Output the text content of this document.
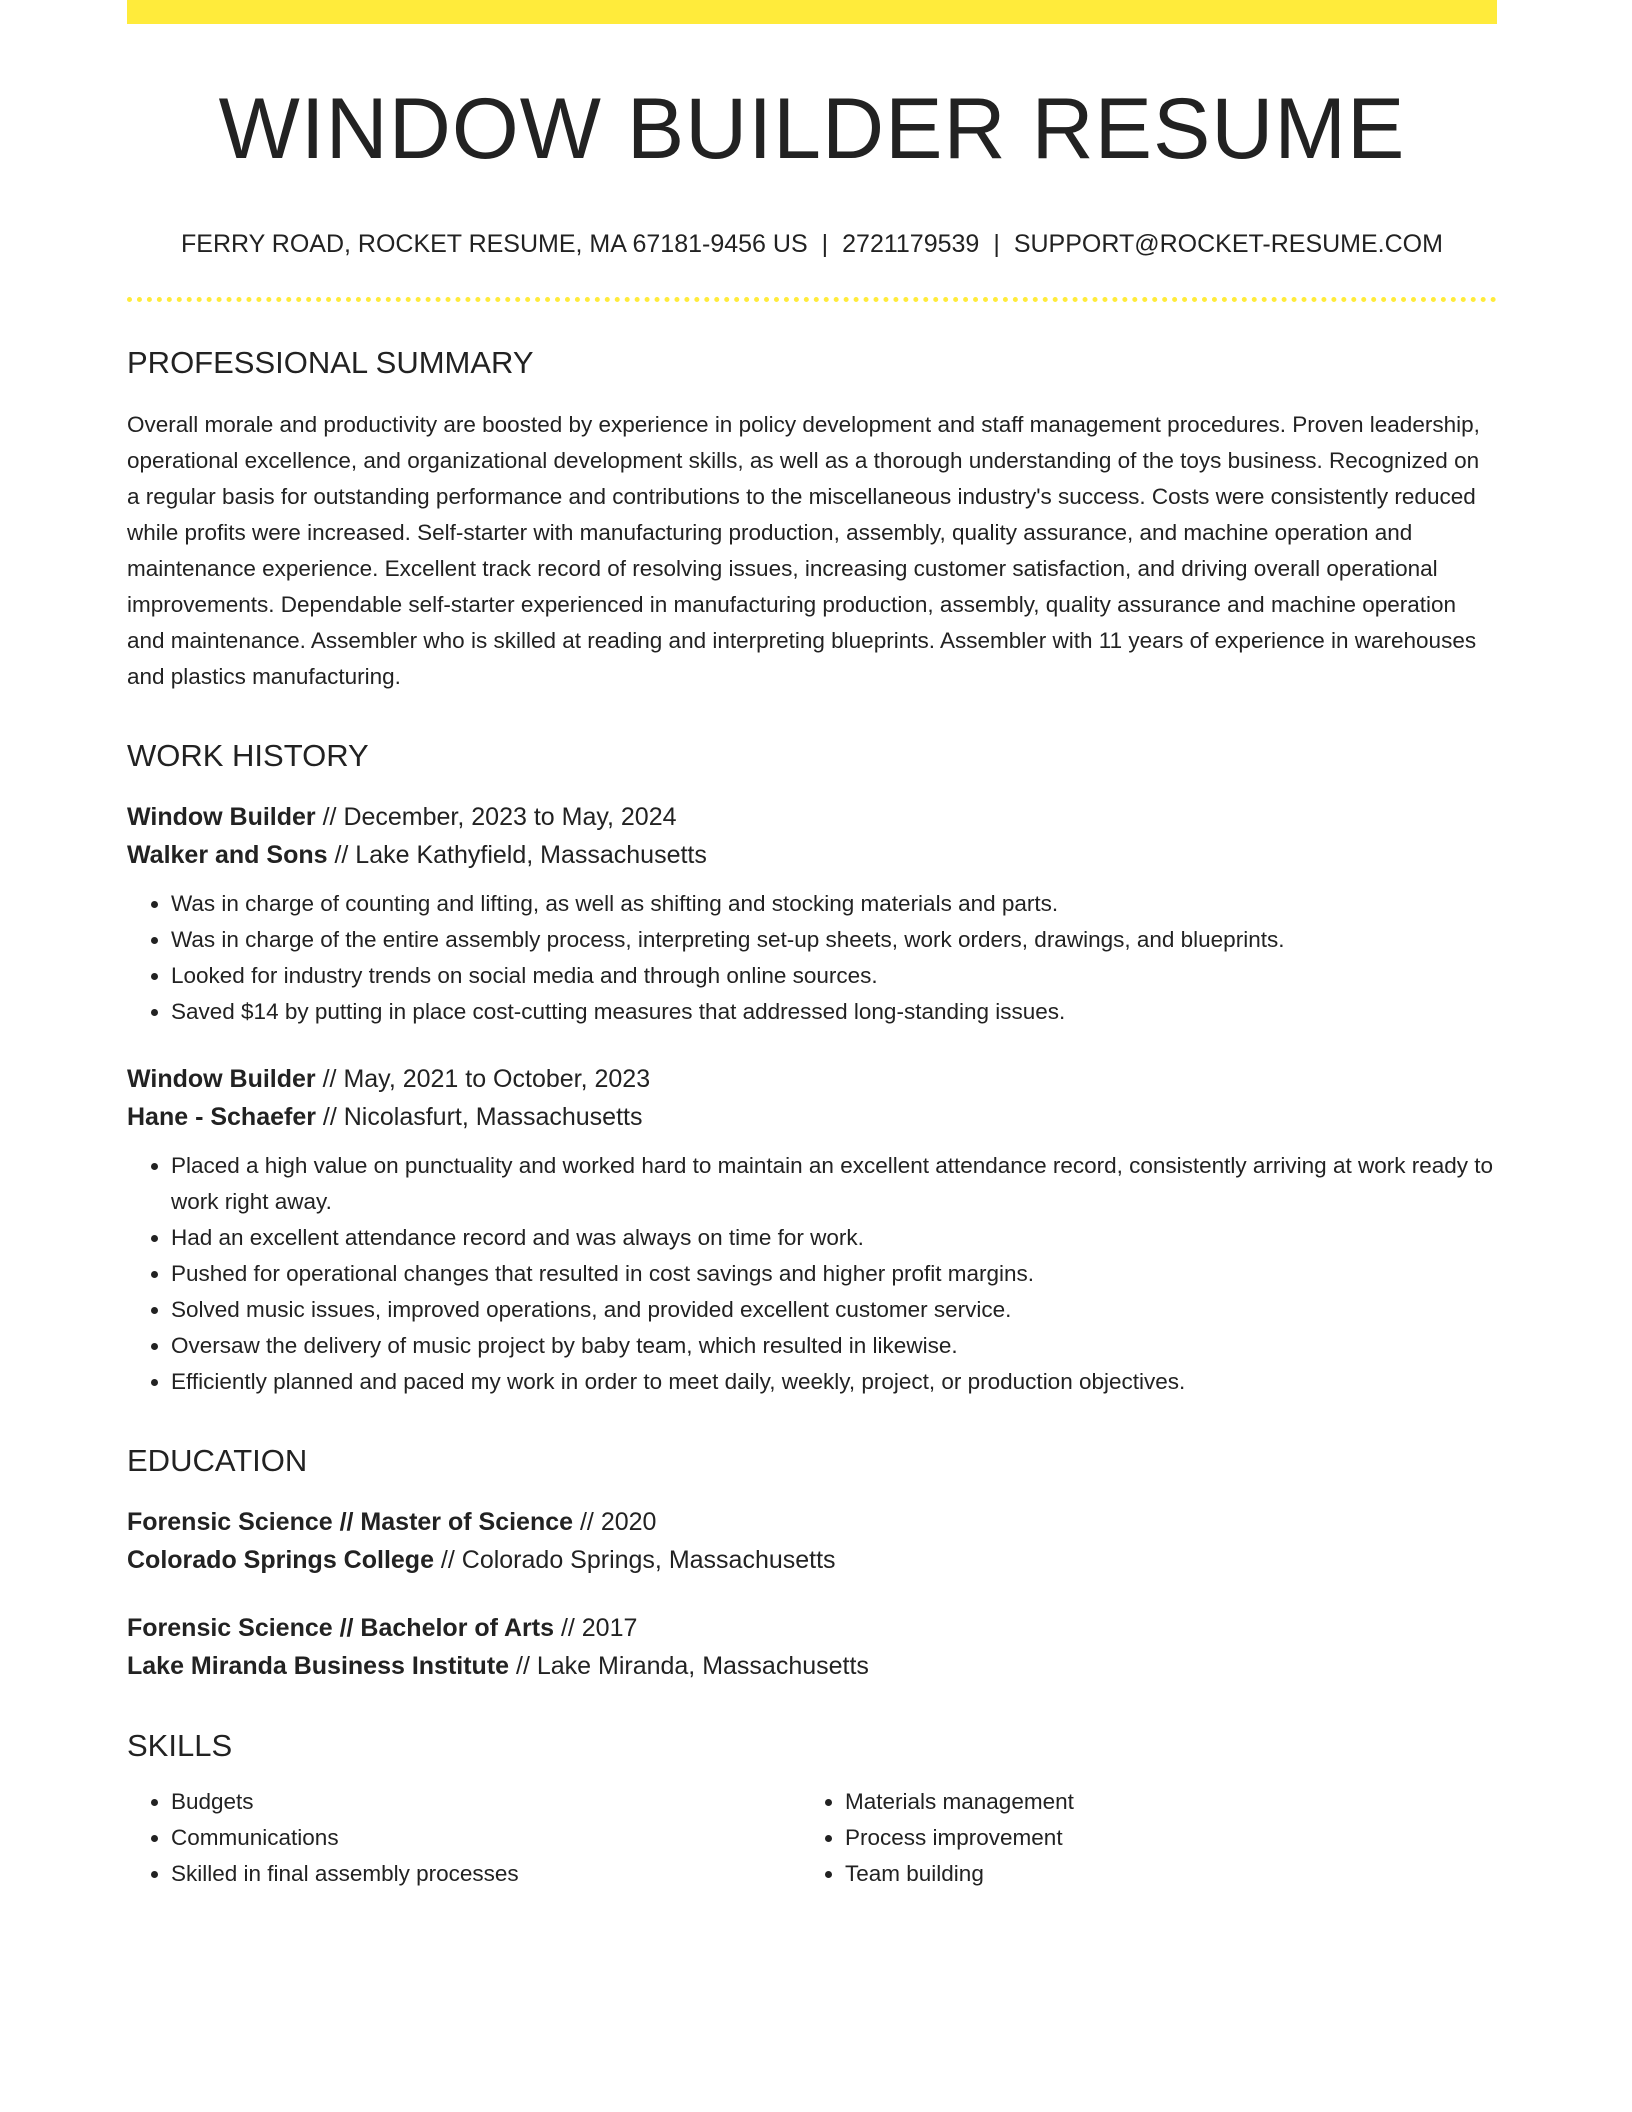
WINDOW BUILDER RESUME
FERRY ROAD, ROCKET RESUME, MA 67181-9456 US | 2721179539 | SUPPORT@ROCKET-RESUME.COM
PROFESSIONAL SUMMARY
Overall morale and productivity are boosted by experience in policy development and staff management procedures. Proven leadership, operational excellence, and organizational development skills, as well as a thorough understanding of the toys business. Recognized on a regular basis for outstanding performance and contributions to the miscellaneous industry's success. Costs were consistently reduced while profits were increased. Self-starter with manufacturing production, assembly, quality assurance, and machine operation and maintenance experience. Excellent track record of resolving issues, increasing customer satisfaction, and driving overall operational improvements. Dependable self-starter experienced in manufacturing production, assembly, quality assurance and machine operation and maintenance. Assembler who is skilled at reading and interpreting blueprints. Assembler with 11 years of experience in warehouses and plastics manufacturing.
WORK HISTORY
Window Builder // December, 2023 to May, 2024
Walker and Sons // Lake Kathyfield, Massachusetts
• Was in charge of counting and lifting, as well as shifting and stocking materials and parts.
• Was in charge of the entire assembly process, interpreting set-up sheets, work orders, drawings, and blueprints.
• Looked for industry trends on social media and through online sources.
• Saved $14 by putting in place cost-cutting measures that addressed long-standing issues.
Window Builder // May, 2021 to October, 2023
Hane - Schaefer // Nicolasfurt, Massachusetts
• Placed a high value on punctuality and worked hard to maintain an excellent attendance record, consistently arriving at work ready to work right away.
• Had an excellent attendance record and was always on time for work.
• Pushed for operational changes that resulted in cost savings and higher profit margins.
• Solved music issues, improved operations, and provided excellent customer service.
• Oversaw the delivery of music project by baby team, which resulted in likewise.
• Efficiently planned and paced my work in order to meet daily, weekly, project, or production objectives.
EDUCATION
Forensic Science // Master of Science // 2020
Colorado Springs College // Colorado Springs, Massachusetts
Forensic Science // Bachelor of Arts // 2017
Lake Miranda Business Institute // Lake Miranda, Massachusetts
SKILLS
• Budgets
• Communications
• Skilled in final assembly processes
• Materials management
• Process improvement
• Team building
